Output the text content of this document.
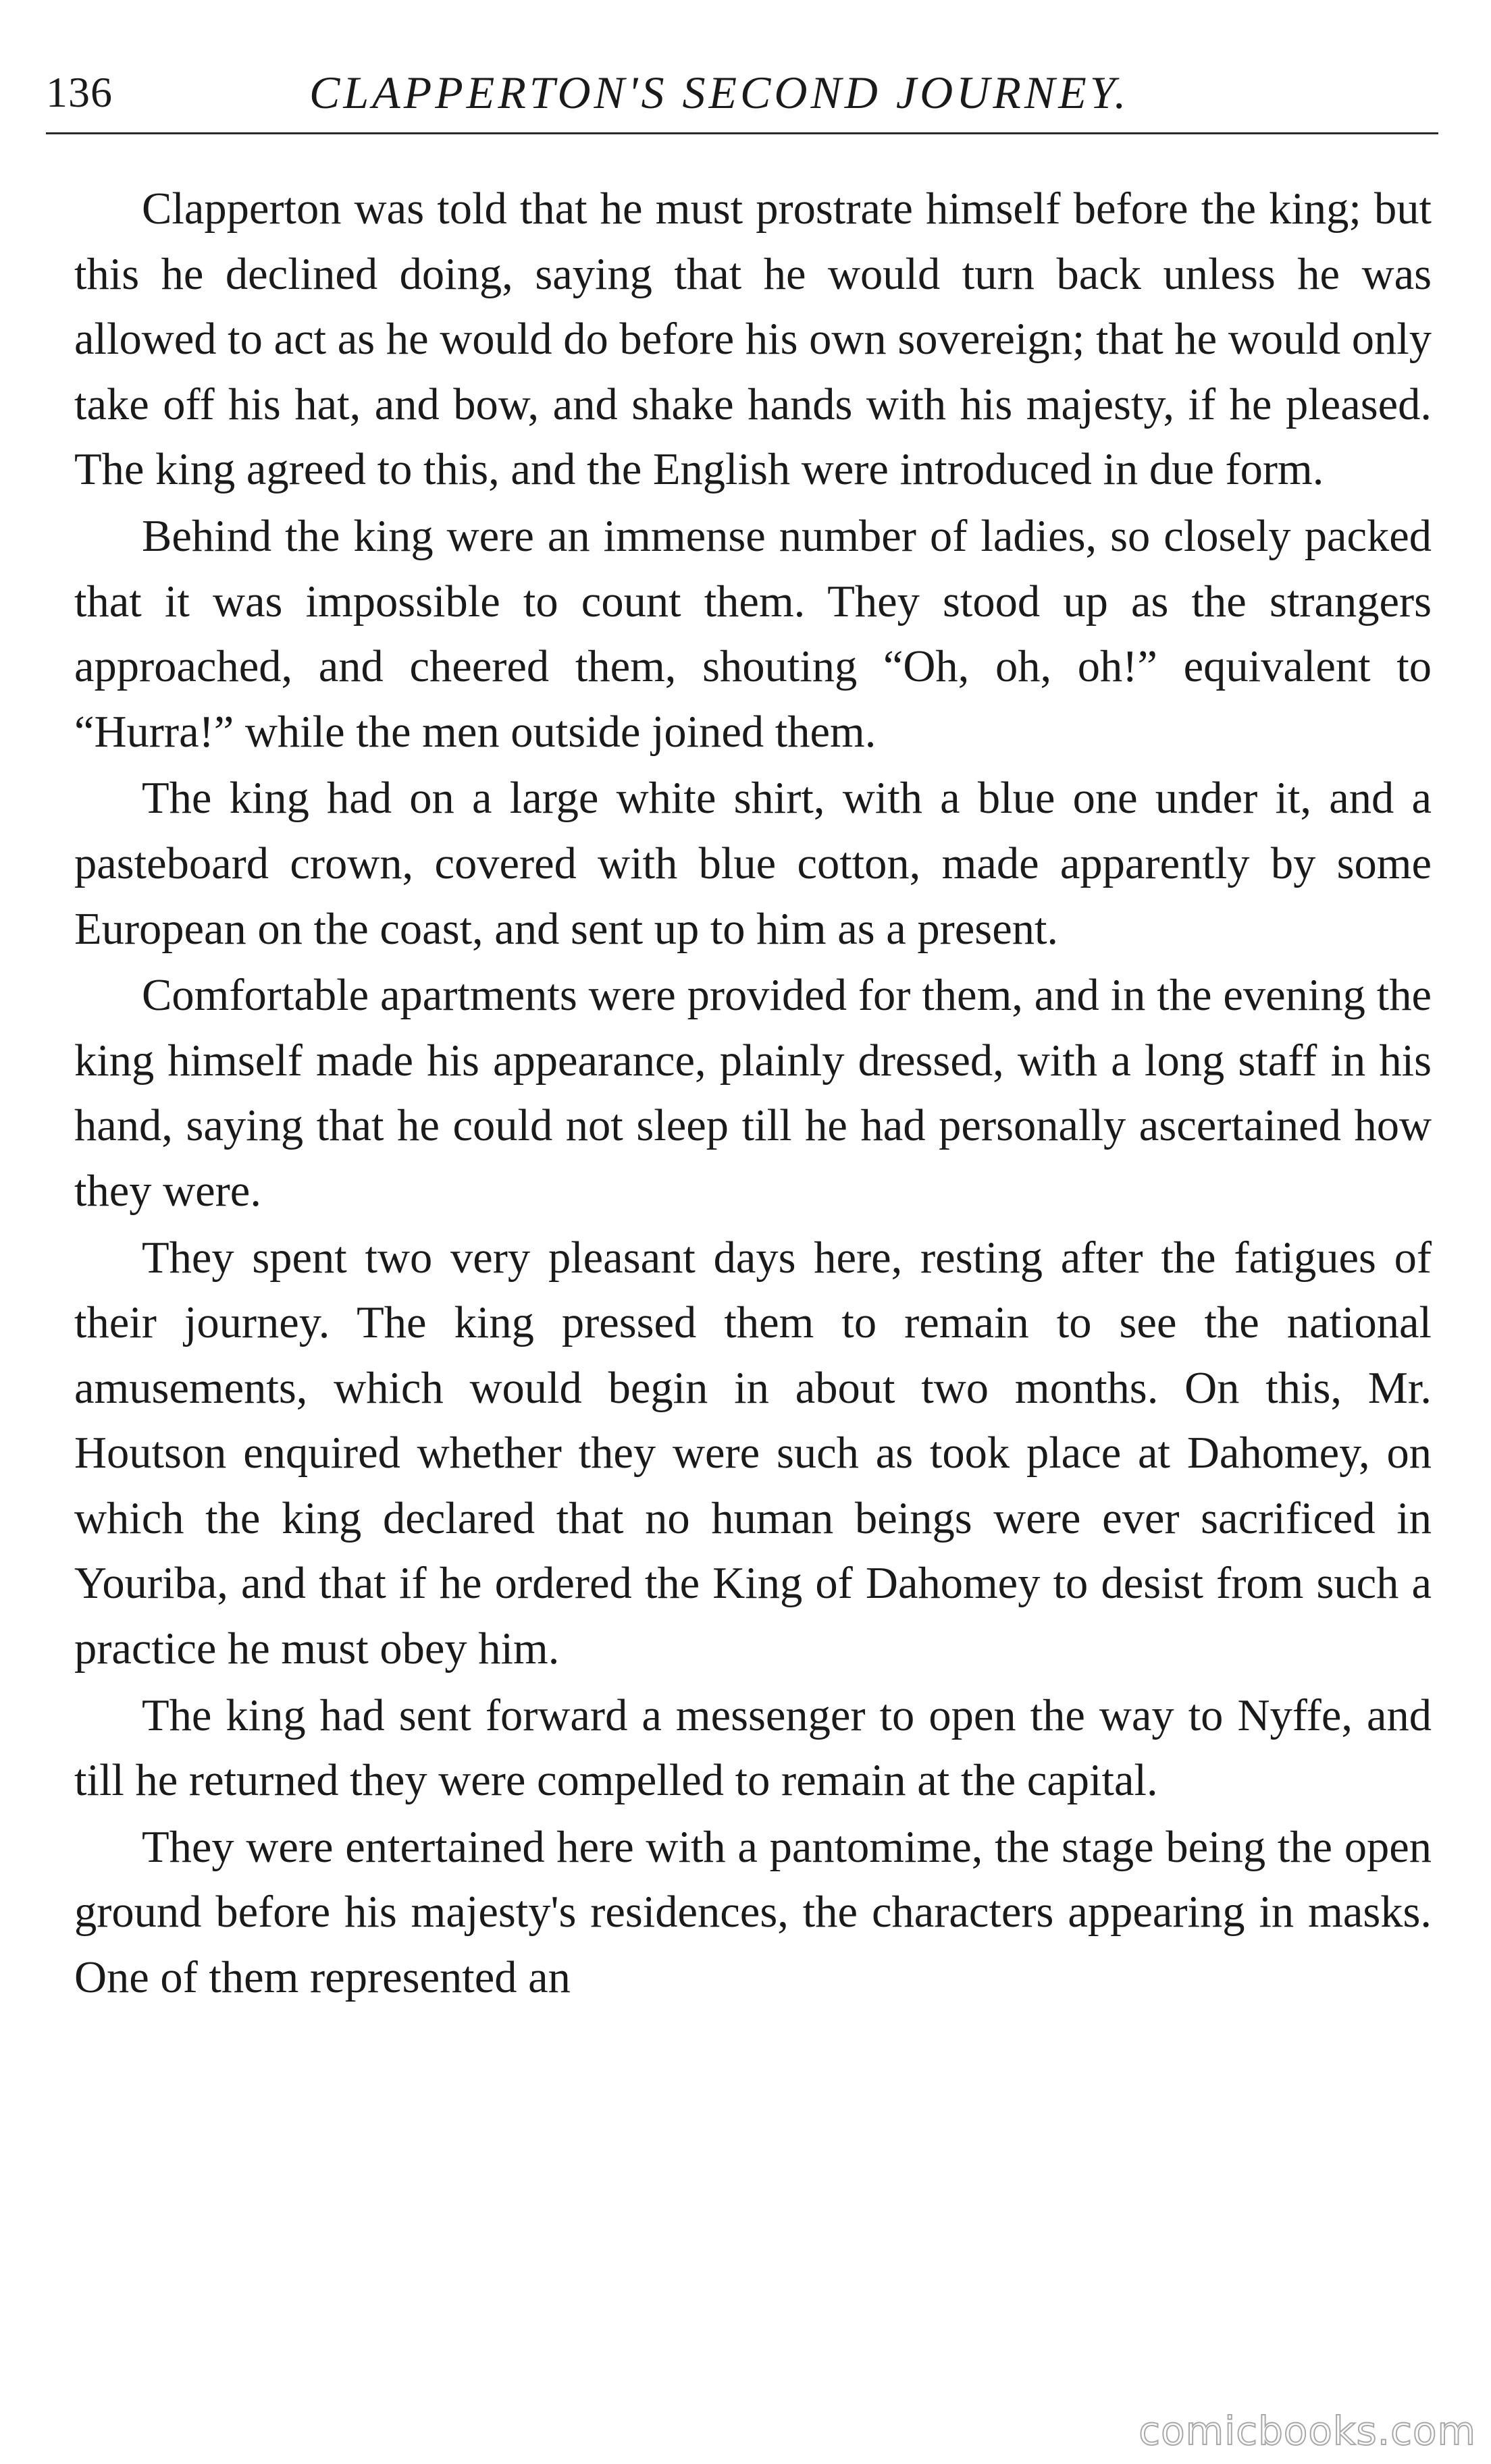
136	CLAPPERTON'S SECOND JOURNEY.

Clapperton was told that he must prostrate himself before the king; but this he declined doing, saying that he would turn back unless he was allowed to act as he would do before his own sovereign; that he would only take off his hat, and bow, and shake hands with his majesty, if he pleased. The king agreed to this, and the English were introduced in due form.

Behind the king were an immense number of ladies, so closely packed that it was impossible to count them. They stood up as the strangers approached, and cheered them, shouting “Oh, oh, oh!” equivalent to “Hurra!” while the men outside joined them.

The king had on a large white shirt, with a blue one under it, and a pasteboard crown, covered with blue cotton, made apparently by some European on the coast, and sent up to him as a present.

Comfortable apartments were provided for them, and in the evening the king himself made his appearance, plainly dressed, with a long staff in his hand, saying that he could not sleep till he had personally ascertained how they were.

They spent two very pleasant days here, resting after the fatigues of their journey. The king pressed them to remain to see the national amusements, which would begin in about two months. On this, Mr. Houtson enquired whether they were such as took place at Dahomey, on which the king declared that no human beings were ever sacrificed in Youriba, and that if he ordered the King of Dahomey to desist from such a practice he must obey him.

The king had sent forward a messenger to open the way to Nyffe, and till he returned they were compelled to remain at the capital.

They were entertained here with a pantomime, the stage being the open ground before his majesty's residences, the characters appearing in masks. One of them represented an

comicbooks.com
